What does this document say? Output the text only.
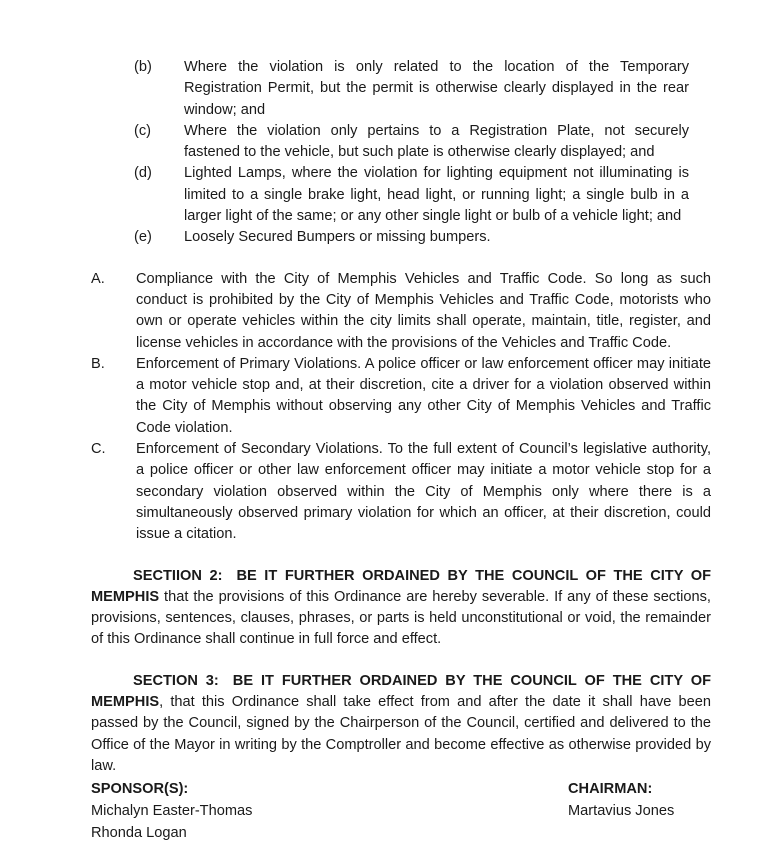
(b) Where the violation is only related to the location of the Temporary Registration Permit, but the permit is otherwise clearly displayed in the rear window; and
(c) Where the violation only pertains to a Registration Plate, not securely fastened to the vehicle, but such plate is otherwise clearly displayed; and
(d) Lighted Lamps, where the violation for lighting equipment not illuminating is limited to a single brake light, head light, or running light; a single bulb in a larger light of the same; or any other single light or bulb of a vehicle light; and
(e) Loosely Secured Bumpers or missing bumpers.
A. Compliance with the City of Memphis Vehicles and Traffic Code. So long as such conduct is prohibited by the City of Memphis Vehicles and Traffic Code, motorists who own or operate vehicles within the city limits shall operate, maintain, title, register, and license vehicles in accordance with the provisions of the Vehicles and Traffic Code.
B. Enforcement of Primary Violations. A police officer or law enforcement officer may initiate a motor vehicle stop and, at their discretion, cite a driver for a violation observed within the City of Memphis without observing any other City of Memphis Vehicles and Traffic Code violation.
C. Enforcement of Secondary Violations. To the full extent of Council’s legislative authority, a police officer or other law enforcement officer may initiate a motor vehicle stop for a secondary violation observed within the City of Memphis only where there is a simultaneously observed primary violation for which an officer, at their discretion, could issue a citation.

SECTIION 2: BE IT FURTHER ORDAINED BY THE COUNCIL OF THE CITY OF MEMPHIS that the provisions of this Ordinance are hereby severable. If any of these sections, provisions, sentences, clauses, phrases, or parts is held unconstitutional or void, the remainder of this Ordinance shall continue in full force and effect.

SECTION 3: BE IT FURTHER ORDAINED BY THE COUNCIL OF THE CITY OF MEMPHIS, that this Ordinance shall take effect from and after the date it shall have been passed by the Council, signed by the Chairperson of the Council, certified and delivered to the Office of the Mayor in writing by the Comptroller and become effective as otherwise provided by law.

SPONSOR(S):	CHAIRMAN:
Michalyn Easter-Thomas	Martavius Jones
Rhonda Logan
